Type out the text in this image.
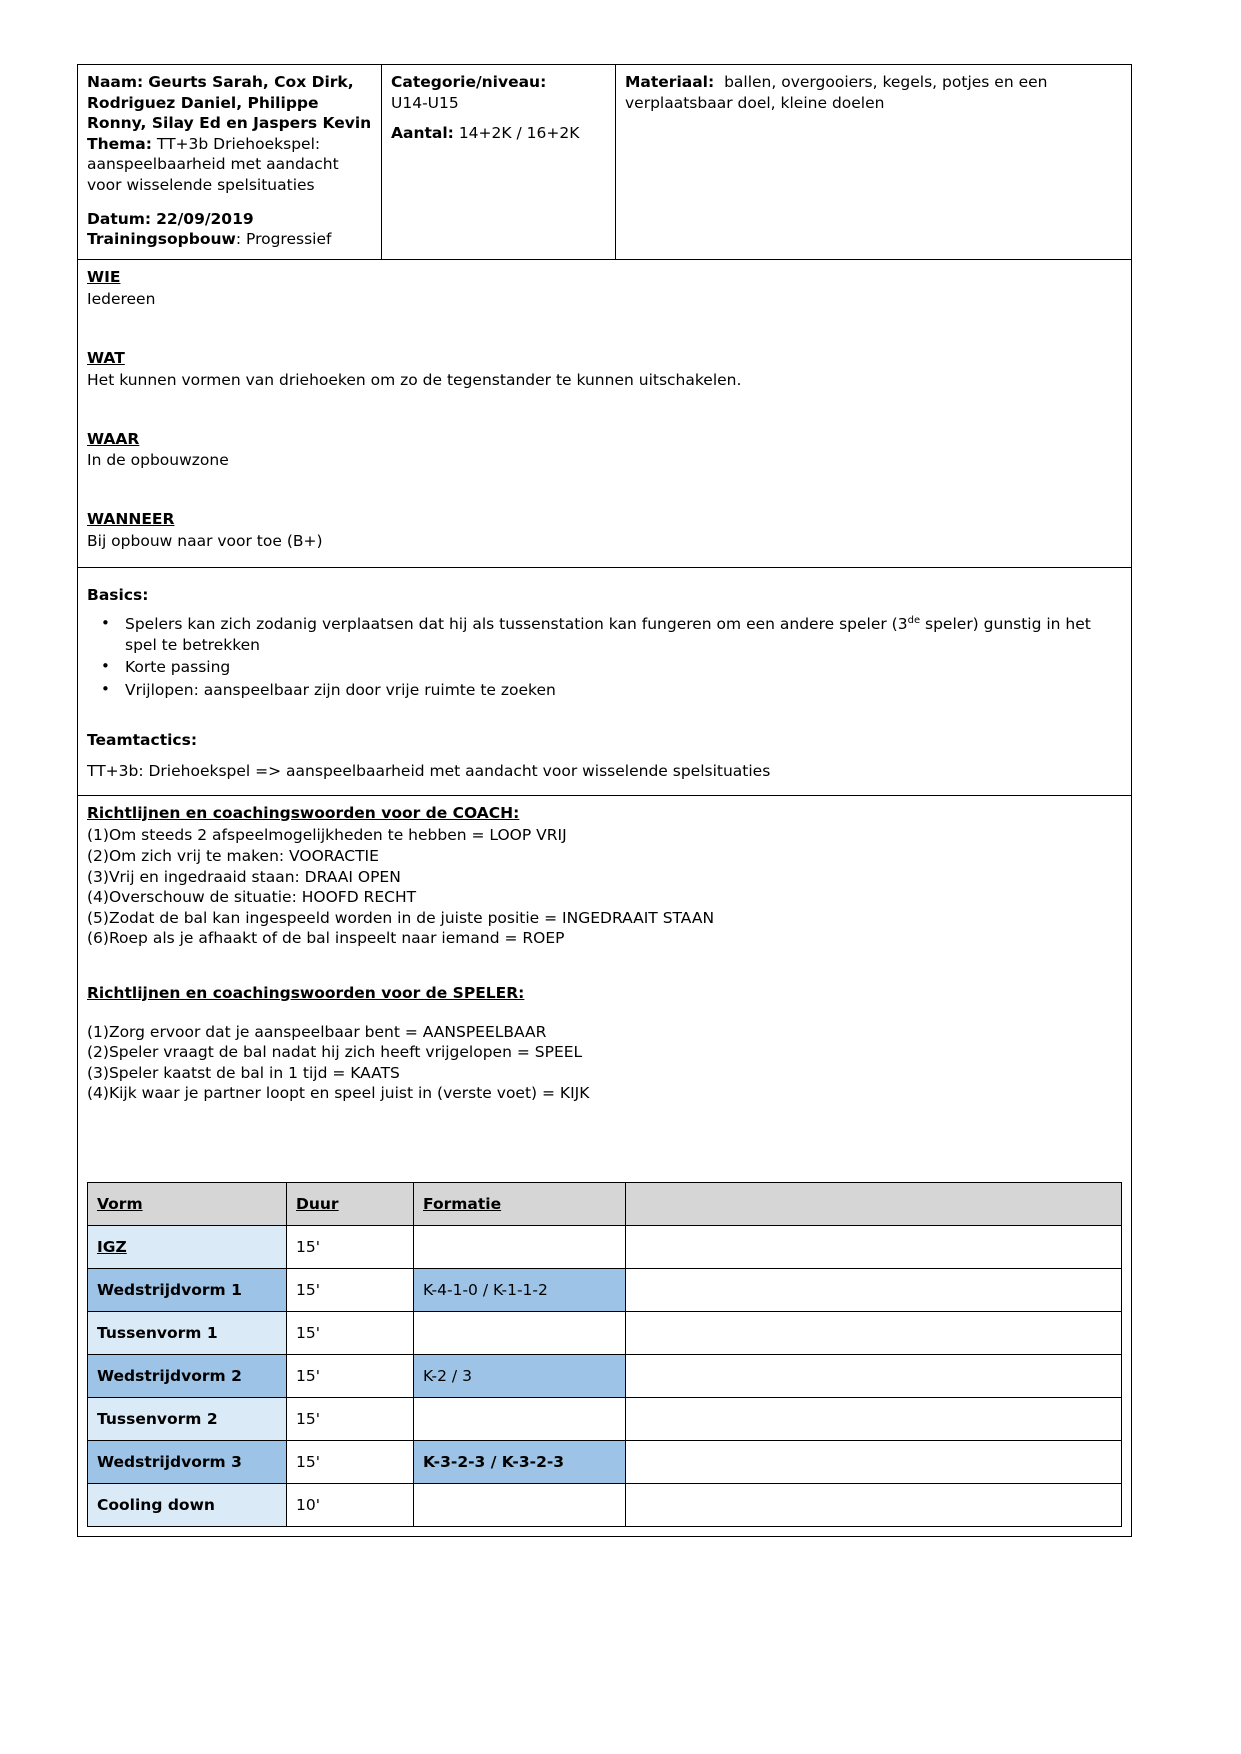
Naam: Geurts Sarah, Cox Dirk, Rodriguez Daniel, Philippe Ronny, Silay Ed en Jaspers Kevin
Thema: TT+3b Driehoekspel: aanspeelbaarheid met aandacht voor wisselende spelsituaties
Datum: 22/09/2019
Trainingsopbouw: Progressief	Categorie/niveau:
U14-U15
Aantal: 14+2K / 16+2K	Materiaal: ballen, overgooiers, kegels, potjes en een verplaatsbaar doel, kleine doelen

WIE
Iedereen
WAT
Het kunnen vormen van driehoeken om zo de tegenstander te kunnen uitschakelen.
WAAR
In de opbouwzone
WANNEER
Bij opbouw naar voor toe (B+)

Basics:
• Spelers kan zich zodanig verplaatsen dat hij als tussenstation kan fungeren om een andere speler (3de speler) gunstig in het spel te betrekken
• Korte passing
• Vrijlopen: aanspeelbaar zijn door vrije ruimte te zoeken
Teamtactics:
TT+3b: Driehoekspel => aanspeelbaarheid met aandacht voor wisselende spelsituaties

Richtlijnen en coachingswoorden voor de COACH:
(1)Om steeds 2 afspeelmogelijkheden te hebben = LOOP VRIJ
(2)Om zich vrij te maken: VOORACTIE
(3)Vrij en ingedraaid staan: DRAAI OPEN
(4)Overschouw de situatie: HOOFD RECHT
(5)Zodat de bal kan ingespeeld worden in de juiste positie = INGEDRAAIT STAAN
(6)Roep als je afhaakt of de bal inspeelt naar iemand = ROEP
Richtlijnen en coachingswoorden voor de SPELER:
(1)Zorg ervoor dat je aanspeelbaar bent = AANSPEELBAAR
(2)Speler vraagt de bal nadat hij zich heeft vrijgelopen = SPEEL
(3)Speler kaatst de bal in 1 tijd = KAATS
(4)Kijk waar je partner loopt en speel juist in (verste voet) = KIJK
Vorm	Duur	Formatie	
IGZ	15'		
Wedstrijdvorm 1	15'	K-4-1-0 / K-1-1-2	
Tussenvorm 1	15'		
Wedstrijdvorm 2	15'	K-2 / 3	
Tussenvorm 2	15'		
Wedstrijdvorm 3	15'	K-3-2-3 / K-3-2-3	
Cooling down	10'		
